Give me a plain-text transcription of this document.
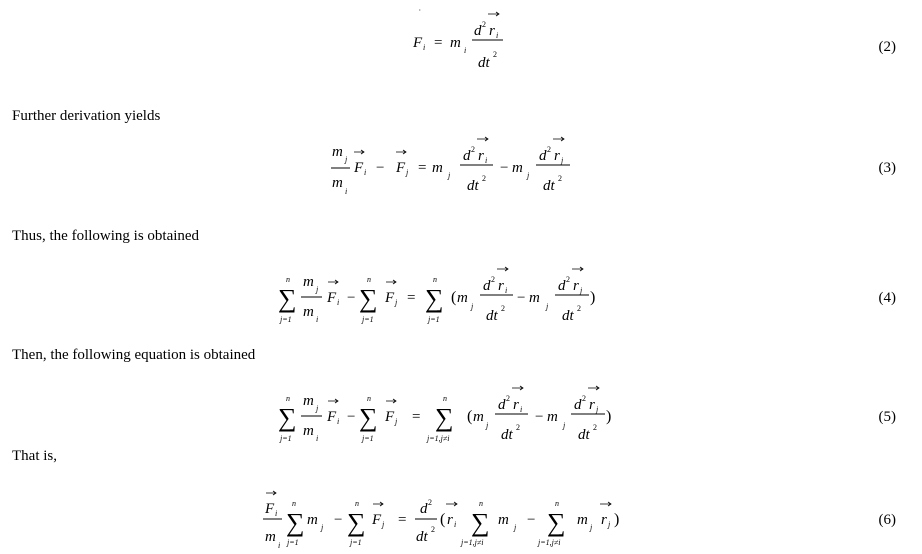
·
F i = m i
d 2 r i
dt
2	(2)
Further derivation yields
m j
m
i
F i − F j = m j
d 2 r i
dt 2
− m j
d 2 r j
dt 2
(3)
Thus, the following is obtained
n
∑
j=1
m j
m i
F i −
n
∑
j=1
F j =
n
∑
j=1
( m
j
d 2 r i
dt 2
− m
j
d 2 r j
dt 2
)	(4)
Then, the following equation is obtained
n
∑
j=1
m j
m i
F i −
n
∑
j=1
F j =
n
∑
j=1,j≠i
( m
j
d 2 r i
dt 2
− m
j
d 2 r j
dt 2
)	(5)
That is,
F i
m
i
n
∑
j=1
m j −
n
∑
j=1
F j =
d 2
dt 2
( r i
n
∑
j=1,j≠i
m j −
n
∑
j=1,j≠i
m j r j )	(6)
